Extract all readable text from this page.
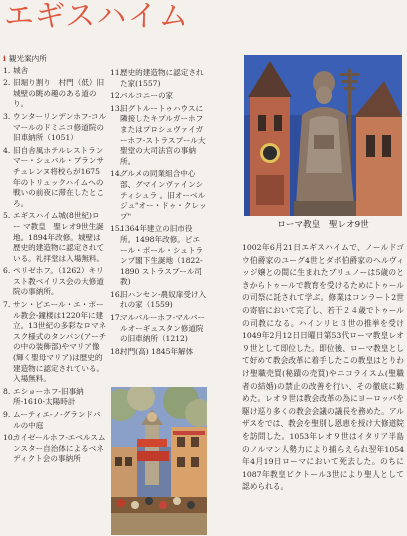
エギスハイム
i 観光案内所
1. 城舎
2. 旧堀り割り　村門（低）旧城壁の眺め趣のある道のり。
3. ウンターリンデンホフ-コルマールのドミニコ修道院の旧車納所（1051）
4. 旧自舎風ホテルレストランマー・シュバル・ブランサチュレンヌ将校らが1675年のトリュックハイムへの戦いの前夜に滞在したところ。
5. エギスハイム城(8世紀)ロー マ教皇　聖レオ9世生誕地。1894年改修。城壁は歴史的建造物に認定されている。礼拝堂は入場無料。
6. ペリゼホフ。（1262）キリスト教ベイリス会の大修道院の事納所。
7. サン・ピエール・エ・ポール教会-鐘楼は1220年に建立。13世紀の多彩なロマネスク様式のタンパン(アーチの中の装飾部)やマリア像(輝く聖母マリア)は歴史的建造物に認定されている。入場無料。
8. エショーホフ-旧事納所-1610-太陽時計
9. ムーティエ-ノ-グランドバルの中庭
10.
カイゼールホフ-エベルスムンスター自治体によるベネディクト会の事納所
11.
歴史的建造物に認定された家(1557)
12.
バルコニーの家
13.
旧グトルートゥハウスに隣接したキプルガーホフまたはプロシュヴァイガーホフ-ストラスブール大聖堂の大司法官の事納所。
14.
グルメの同業組合中心部、グマインヴァインシティシュラ 。旧オーベルジュ"オー・ドゥ・クレップ"
15.
1364年建立の旧市役所。1498年改修。ピエール・ポール・シュトランプ閣下生誕地（1822-1890 ストラスブール司教)
16.
旧ハンセン-農奴扉受け入れの家（1559)
17.
マルバルーホフ-マルバールオーギュスタン修道院の旧車納所（1212)
18.
村門(高) 1845年解体
ローマ教皇　聖レオ9世
1002年6月21日エギスハイムで、ノールドゴウ伯爵家のユーグ4世とダボ伯爵家のヘルヴィッジ嬢との間に生まれたブリュノーは5歳のときからトゥールで教育を受けるためにトゥールの司祭に託されて学ぶ。修業はコンラート2世の寄宿において完了し、若干２４歳でトゥールの司教になる。ハインリヒ３世の推挙を受け1049年2月12日日曜日第53代ローマ教皇レオ９世として即位した。即位後、ローマ教皇として好めて教会改革に着手したこの教皇はとりわけ聖職売買(秘蹟の売買)やニコライスム(聖職者の結婚)の禁止の改善を行い、その徹底に勤めた。レオ９世は教会改革の為にヨーロッパを駆け巡り多くの教会会議の議長を務めた。アルザスをでは、教会を聖別し恩恵を授け大修道院を訪問した。1053年レオ９世はイタリア半島のノルマン人勢力により捕らえられ翌年1054年4月19日ローマにおいて死去した。のちに1087年教皇ビクトール3世により聖人として認められる。
